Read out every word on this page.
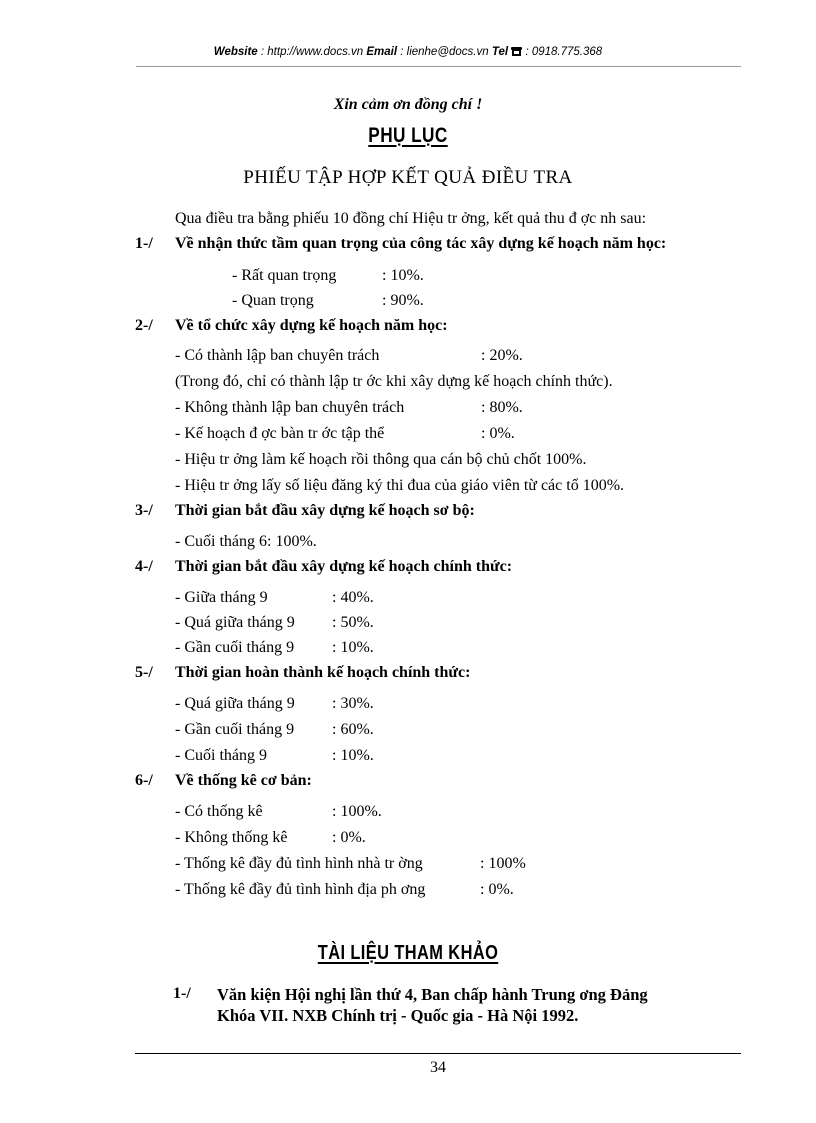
Website : http://www.docs.vn Email : lienhe@docs.vn Tel : 0918.775.368
Xin cảm ơn đồng chí !
PHỤ LỤC
PHIẾU TẬP HỢP KẾT QUẢ ĐIỀU TRA
Qua điều tra bằng phiếu 10 đồng chí Hiệu tr ởng, kết quả thu đ ợc nh sau:
1-/ Về nhận thức tầm quan trọng của công tác xây dựng kế hoạch năm học:
- Rất quan trọng	: 10%.
- Quan trọng	: 90%.
2-/ Về tổ chức xây dựng kế hoạch năm học:
- Có thành lập ban chuyên trách	: 20%.
(Trong đó, chỉ có thành lập tr ớc khi xây dựng kế hoạch chính thức).
- Không thành lập ban chuyên trách	: 80%.
- Kế hoạch đ ợc bàn tr ớc tập thể	: 0%.
- Hiệu tr ởng làm kế hoạch rồi thông qua cán bộ chủ chốt 100%.
- Hiệu tr ởng lấy số liệu đăng ký thi đua của giáo viên từ các tổ 100%.
3-/ Thời gian bắt đầu xây dựng kế hoạch sơ bộ:
- Cuối tháng 6: 100%.
4-/ Thời gian bắt đầu xây dựng kế hoạch chính thức:
- Giữa tháng 9	: 40%.
- Quá giữa tháng 9 : 50%.
- Gần cuối tháng 9 : 10%.
5-/ Thời gian hoàn thành kế hoạch chính thức:
- Quá giữa tháng 9 : 30%.
- Gần cuối tháng 9 : 60%.
- Cuối tháng 9	: 10%.
6-/ Về thống kê cơ bản:
- Có thống kê	: 100%.
- Không thống kê	: 0%.
- Thống kê đầy đủ tình hình nhà tr ờng	: 100%
- Thống kê đầy đủ tình hình địa ph ơng	: 0%.
TÀI LIỆU THAM KHẢO
1-/ Văn kiện Hội nghị lần thứ 4, Ban chấp hành Trung ơng Đảng
Khóa VII. NXB Chính trị - Quốc gia - Hà Nội 1992.
34
